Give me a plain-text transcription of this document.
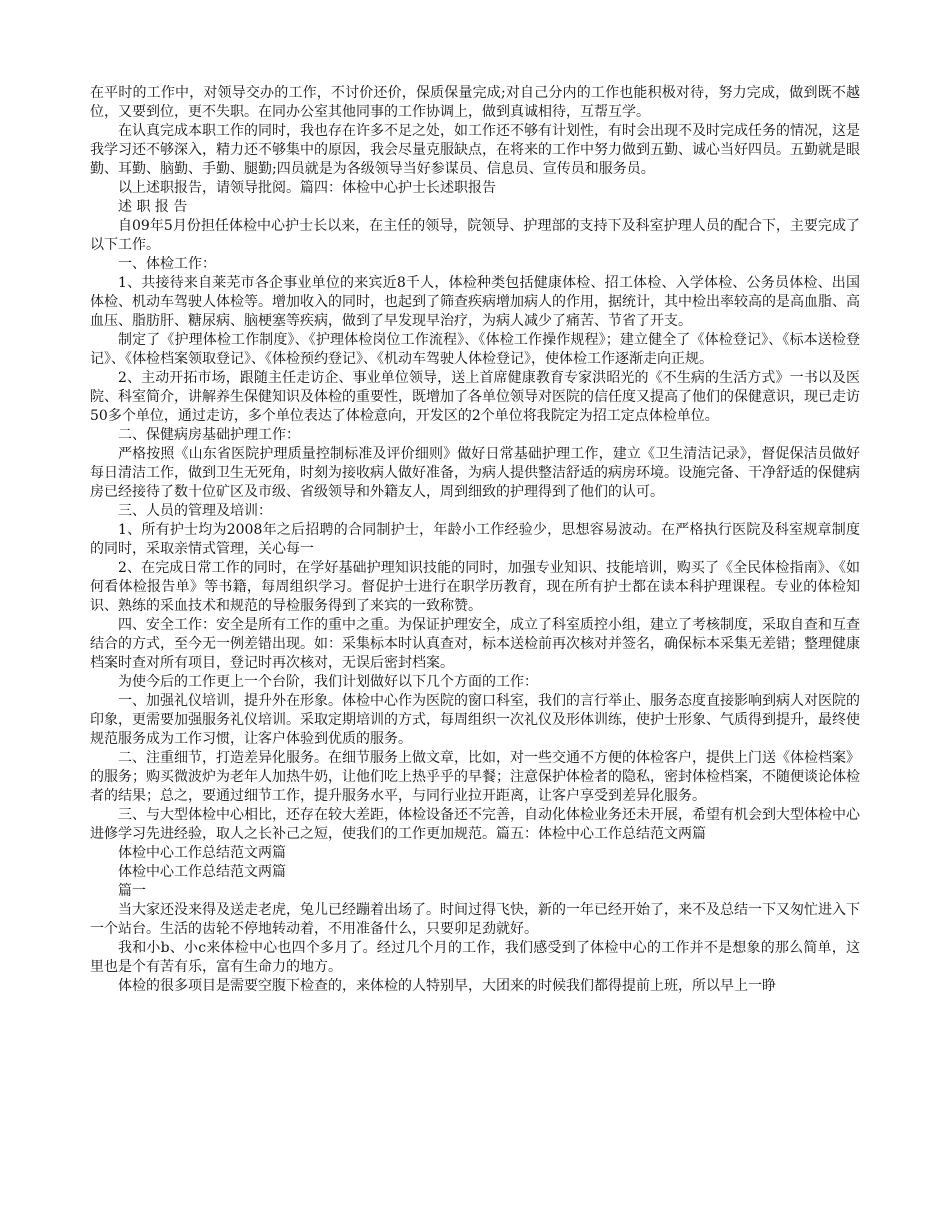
在平时的工作中，对领导交办的工作，不讨价还价，保质保量完成;对自己分内的工作也能积极对待，努力完成，做到既不越位，又要到位，更不失职。在同办公室其他同事的工作协调上，做到真诚相待，互帮互学。

在认真完成本职工作的同时，我也存在许多不足之处，如工作还不够有计划性，有时会出现不及时完成任务的情况，这是我学习还不够深入，精力还不够集中的原因，我会尽量克服缺点，在将来的工作中努力做到五勤、诚心当好四员。五勤就是眼勤、耳勤、脑勤、手勤、腿勤;四员就是为各级领导当好参谋员、信息员、宣传员和服务员。

以上述职报告，请领导批阅。篇四：体检中心护士长述职报告

述 职 报 告

自09年5月份担任体检中心护士长以来，在主任的领导，院领导、护理部的支持下及科室护理人员的配合下，主要完成了以下工作。

一、体检工作：

1、共接待来自莱芜市各企事业单位的来宾近8千人，体检种类包括健康体检、招工体检、入学体检、公务员体检、出国体检、机动车驾驶人体检等。增加收入的同时，也起到了筛查疾病增加病人的作用，据统计，其中检出率较高的是高血脂、高血压、脂肪肝、糖尿病、脑梗塞等疾病，做到了早发现早治疗，为病人减少了痛苦、节省了开支。

制定了《护理体检工作制度》、《护理体检岗位工作流程》、《体检工作操作规程》；建立健全了《体检登记》、《标本送检登记》、《体检档案领取登记》、《体检预约登记》、《机动车驾驶人体检登记》，使体检工作逐渐走向正规。

2、主动开拓市场，跟随主任走访企、事业单位领导，送上首席健康教育专家洪昭光的《不生病的生活方式》一书以及医院、科室简介，讲解养生保健知识及体检的重要性，既增加了各单位领导对医院的信任度又提高了他们的保健意识，现已走访50多个单位，通过走访，多个单位表达了体检意向，开发区的2个单位将我院定为招工定点体检单位。

二、保健病房基础护理工作：

严格按照《山东省医院护理质量控制标准及评价细则》做好日常基础护理工作，建立《卫生清洁记录》，督促保洁员做好每日清洁工作，做到卫生无死角，时刻为接收病人做好准备，为病人提供整洁舒适的病房环境。设施完备、干净舒适的保健病房已经接待了数十位矿区及市级、省级领导和外籍友人，周到细致的护理得到了他们的认可。

三、人员的管理及培训：

1、所有护士均为2008年之后招聘的合同制护士，年龄小工作经验少，思想容易波动。在严格执行医院及科室规章制度的同时，采取亲情式管理，关心每一

2、在完成日常工作的同时，在学好基础护理知识技能的同时，加强专业知识、技能培训，购买了《全民体检指南》、《如何看体检报告单》等书籍，每周组织学习。督促护士进行在职学历教育，现在所有护士都在读本科护理课程。专业的体检知识、熟练的采血技术和规范的导检服务得到了来宾的一致称赞。

四、安全工作：安全是所有工作的重中之重。为保证护理安全，成立了科室质控小组，建立了考核制度，采取自查和互查结合的方式，至今无一例差错出现。如：采集标本时认真查对，标本送检前再次核对并签名，确保标本采集无差错；整理健康档案时查对所有项目，登记时再次核对，无误后密封档案。

为使今后的工作更上一个台阶，我们计划做好以下几个方面的工作：

一、加强礼仪培训，提升外在形象。体检中心作为医院的窗口科室，我们的言行举止、服务态度直接影响到病人对医院的印象，更需要加强服务礼仪培训。采取定期培训的方式，每周组织一次礼仪及形体训练，使护士形象、气质得到提升，最终使规范服务成为工作习惯，让客户体验到优质的服务。

二、注重细节，打造差异化服务。在细节服务上做文章，比如，对一些交通不方便的体检客户，提供上门送《体检档案》的服务；购买微波炉为老年人加热牛奶，让他们吃上热乎乎的早餐；注意保护体检者的隐私，密封体检档案，不随便谈论体检者的结果；总之，要通过细节工作，提升服务水平，与同行业拉开距离，让客户享受到差异化服务。

三、与大型体检中心相比，还存在较大差距，体检设备还不完善，自动化体检业务还未开展，希望有机会到大型体检中心进修学习先进经验，取人之长补己之短，使我们的工作更加规范。篇五：体检中心工作总结范文两篇

体检中心工作总结范文两篇

体检中心工作总结范文两篇

篇一

当大家还没来得及送走老虎，兔儿已经蹦着出场了。时间过得飞快，新的一年已经开始了，来不及总结一下又匆忙进入下一个站台。生活的齿轮不停地转动着，不用准备什么，只要卯足劲就好。

我和小b、小c来体检中心也四个多月了。经过几个月的工作，我们感受到了体检中心的工作并不是想象的那么简单，这里也是个有苦有乐，富有生命力的地方。

体检的很多项目是需要空腹下检查的，来体检的人特别早，大团来的时候我们都得提前上班，所以早上一睁
